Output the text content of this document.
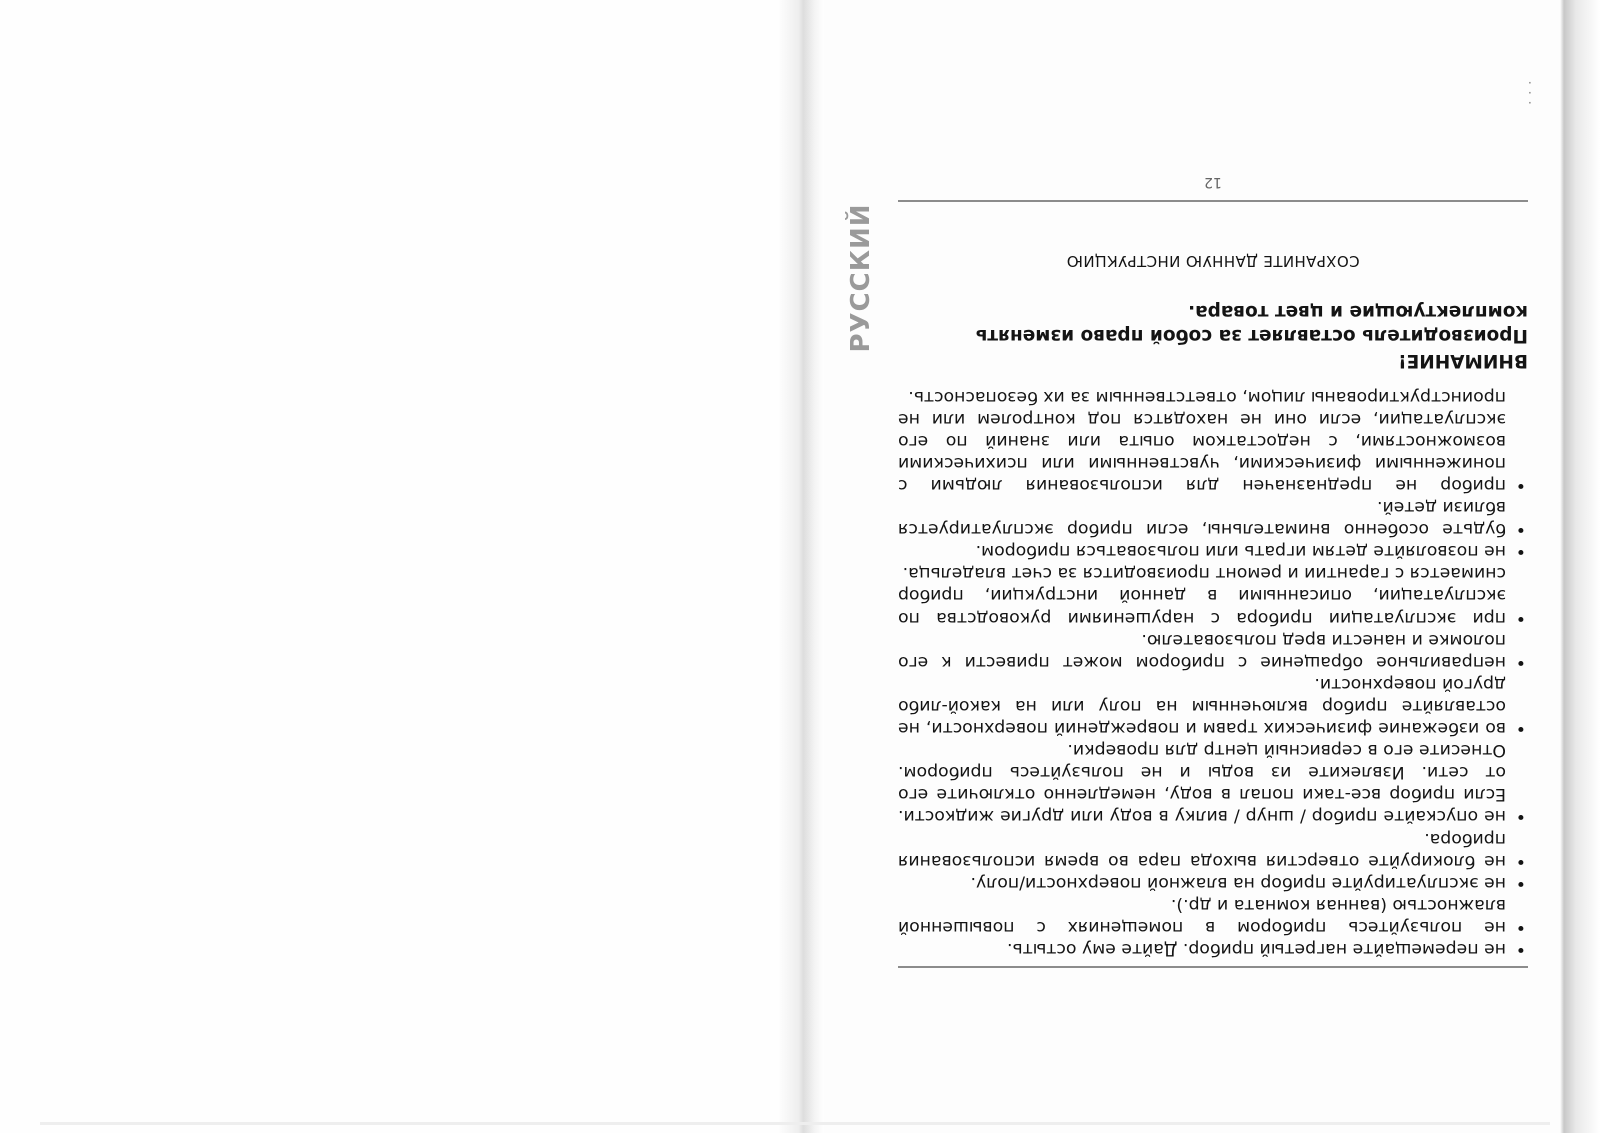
РУССКИЙ
• не перемещайте нагретый прибор. Дайте ему остыть.
• не пользуйтесь прибором в помещениях с повышенной влажностью (ванная комната и др.).
• не эксплуатируйте прибор на влажной поверхности/полу.
• не блокируйте отверстия выхода пара во время использования прибора.
• не опускайте прибор / шнур / вилку в воду или другие жидкости. Если прибор все-таки попал в воду, немедленно отключите его от сети. Извлеките из воды и не пользуйтесь прибором. Отнесите его в сервисный центр для проверки.
• во избежание физических травм и повреждений поверхности, не оставляйте прибор включенным на полу или на какой-либо другой поверхности.
• неправильное обращение с прибором может привести к его поломке и нанести вред пользователю.
• при эксплуатации прибора с нарушениями руководства по эксплуатации, описанными в данной инструкции, прибор снимается с гарантии и ремонт производится за счет владельца.
• не позволяйте детям играть или пользоваться прибором.
• будьте особенно внимательны, если прибор эксплуатируется вблизи детей.
• прибор не предназначен для использования людьми с пониженными физическими, чувственными или психическими возможностями, с недостатком опыта или знаний по его эксплуатации, если они не находятся под контролем или не проинструктированы лицом, ответственным за их безопасность.
ВНИМАНИЕ!
Производитель оставляет за собой право изменять комплектующие и цвет товара.

СОХРАНИТЕ ДАННУЮ ИНСТРУКЦИЮ

12
·
·
·
